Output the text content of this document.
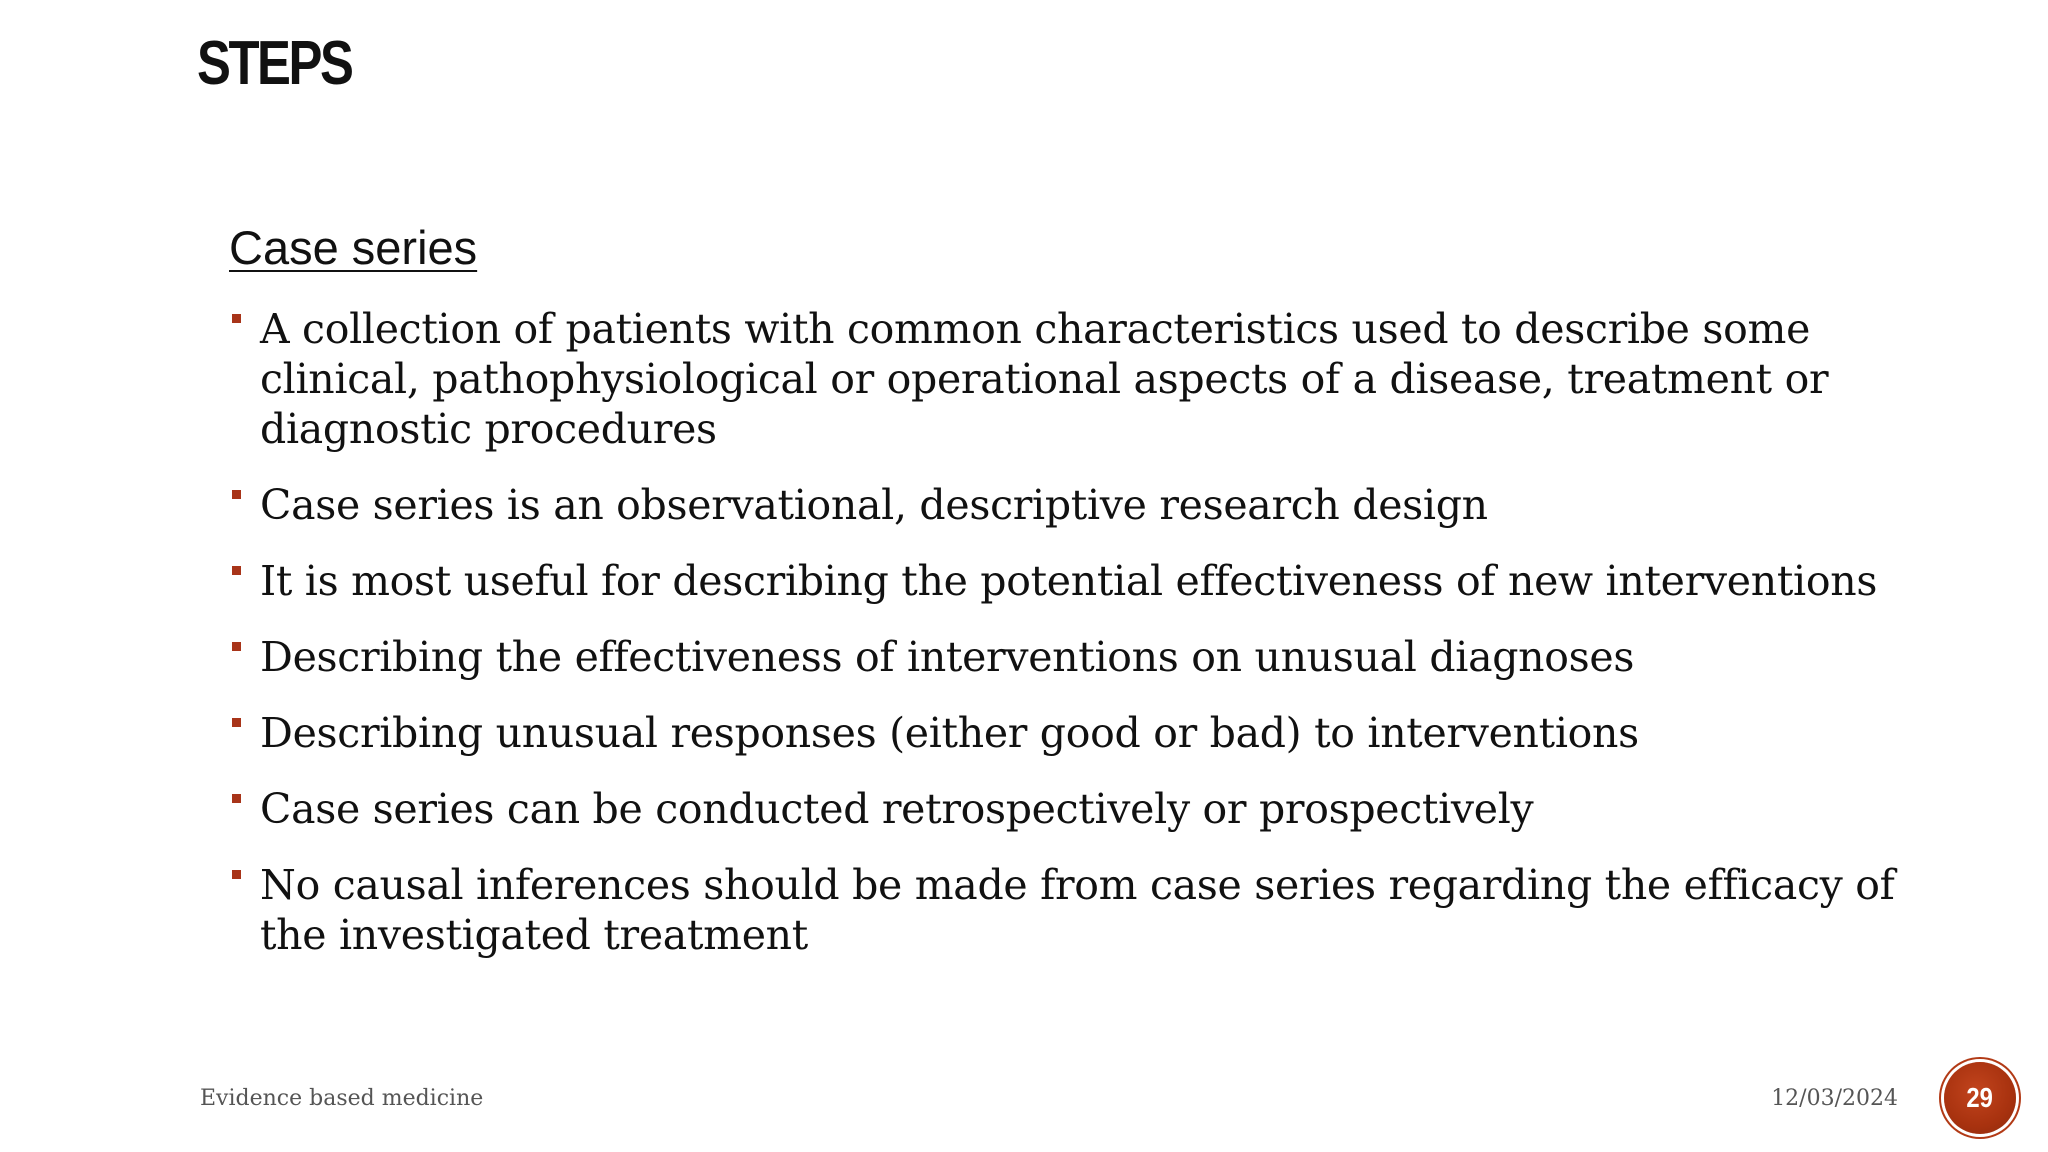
STEPS
Case series
A collection of patients with common characteristics used to describe some clinical, pathophysiological or operational aspects of a disease, treatment or diagnostic procedures
Case series is an observational, descriptive research design
It is most useful for describing the potential effectiveness of new interventions
Describing the effectiveness of interventions on unusual diagnoses
Describing unusual responses (either good or bad) to interventions
Case series can be conducted retrospectively or prospectively
No causal inferences should be made from case series regarding the efficacy of the investigated treatment
Evidence based medicine	12/03/2024 29
